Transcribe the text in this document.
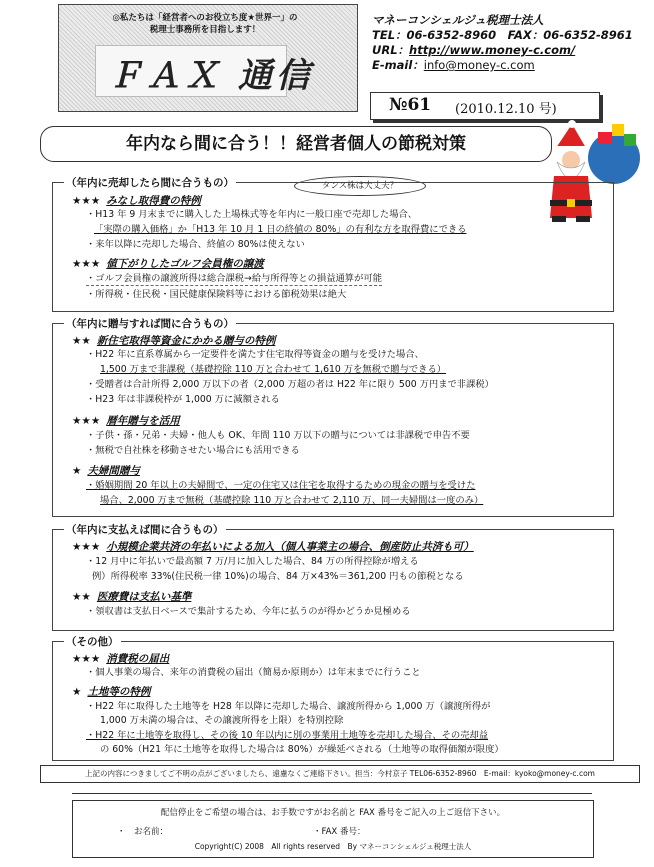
◎私たちは「経営者へのお役立ち度★世界一」の
税理士事務所を目指します！
ＦＡＸ 通信
マネーコンシェルジュ税理士法人
TEL：06-6352-8960　FAX：06-6352-8961
URL：http://www.money-c.com/
E-mail：info@money-c.com
№61 (2010.12.10 号)
年内なら間に合う！！経営者個人の節税対策
タンス株は大丈夫？
（年内に売却したら間に合うもの）
★★★ みなし取得費の特例
・H13 年 9 月末までに購入した上場株式等を年内に一般口座で売却した場合、
「実際の購入価格」か「H13 年 10 月 1 日の終値の 80%」の有利な方を取得費にできる
・来年以降に売却した場合、終値の 80%は使えない
★★★ 値下がりしたゴルフ会員権の譲渡
・ゴルフ会員権の譲渡所得は総合課税→給与所得等との損益通算が可能
・所得税・住民税・国民健康保険料等における節税効果は絶大
（年内に贈与すれば間に合うもの）
★★ 新住宅取得等資金にかかる贈与の特例
・H22 年に直系尊属から一定要件を満たす住宅取得等資金の贈与を受けた場合、
1,500 万まで非課税（基礎控除 110 万と合わせて 1,610 万を無税で贈与できる）
・受贈者は合計所得 2,000 万以下の者（2,000 万超の者は H22 年に限り 500 万円まで非課税）
・H23 年は非課税枠が 1,000 万に減額される
★★★ 暦年贈与を活用
・子供・孫・兄弟・夫婦・他人も OK、年間 110 万以下の贈与については非課税で申告不要
・無税で自社株を移動させたい場合にも活用できる
★ 夫婦間贈与
・婚姻期間 20 年以上の夫婦間で、一定の住宅又は住宅を取得するための現金の贈与を受けた
場合、2,000 万まで無税（基礎控除 110 万と合わせて 2,110 万、同一夫婦間は一度のみ）
（年内に支払えば間に合うもの）
★★★ 小規模企業共済の年払いによる加入（個人事業主の場合、倒産防止共済も可）
・12 月中に年払いで最高額 7 万/月に加入した場合、84 万の所得控除が増える
例）所得税率 33%(住民税一律 10%)の場合、84 万×43%＝361,200 円もの節税となる
★★ 医療費は支払い基準
・領収書は支払日ベースで集計するため、今年に払うのが得かどうか見極める
（その他）
★★★ 消費税の届出
・個人事業の場合、来年の消費税の届出（簡易か原則か）は年末までに行うこと
★ 土地等の特例
・H22 年に取得した土地等を H28 年以降に売却した場合、譲渡所得から 1,000 万（譲渡所得が
1,000 万未満の場合は、その譲渡所得を上限）を特別控除
・H22 年に土地等を取得し、その後 10 年以内に別の事業用土地等を売却した場合、その売却益
の 60%（H21 年に土地等を取得した場合は 80%）が繰延べされる（土地等の取得価額が限度）
上記の内容につきましてご不明の点がございましたら、遠慮なくご連絡下さい。担当：今村京子 TEL06-6352-8960　E-mail：kyoko@money-c.com
配信停止をご希望の場合は、お手数ですがお名前と FAX 番号をご記入の上ご返信下さい。
・　お名前：	・FAX 番号：
Copyright(C) 2008　All rights reserved　By マネーコンシェルジュ税理士法人
